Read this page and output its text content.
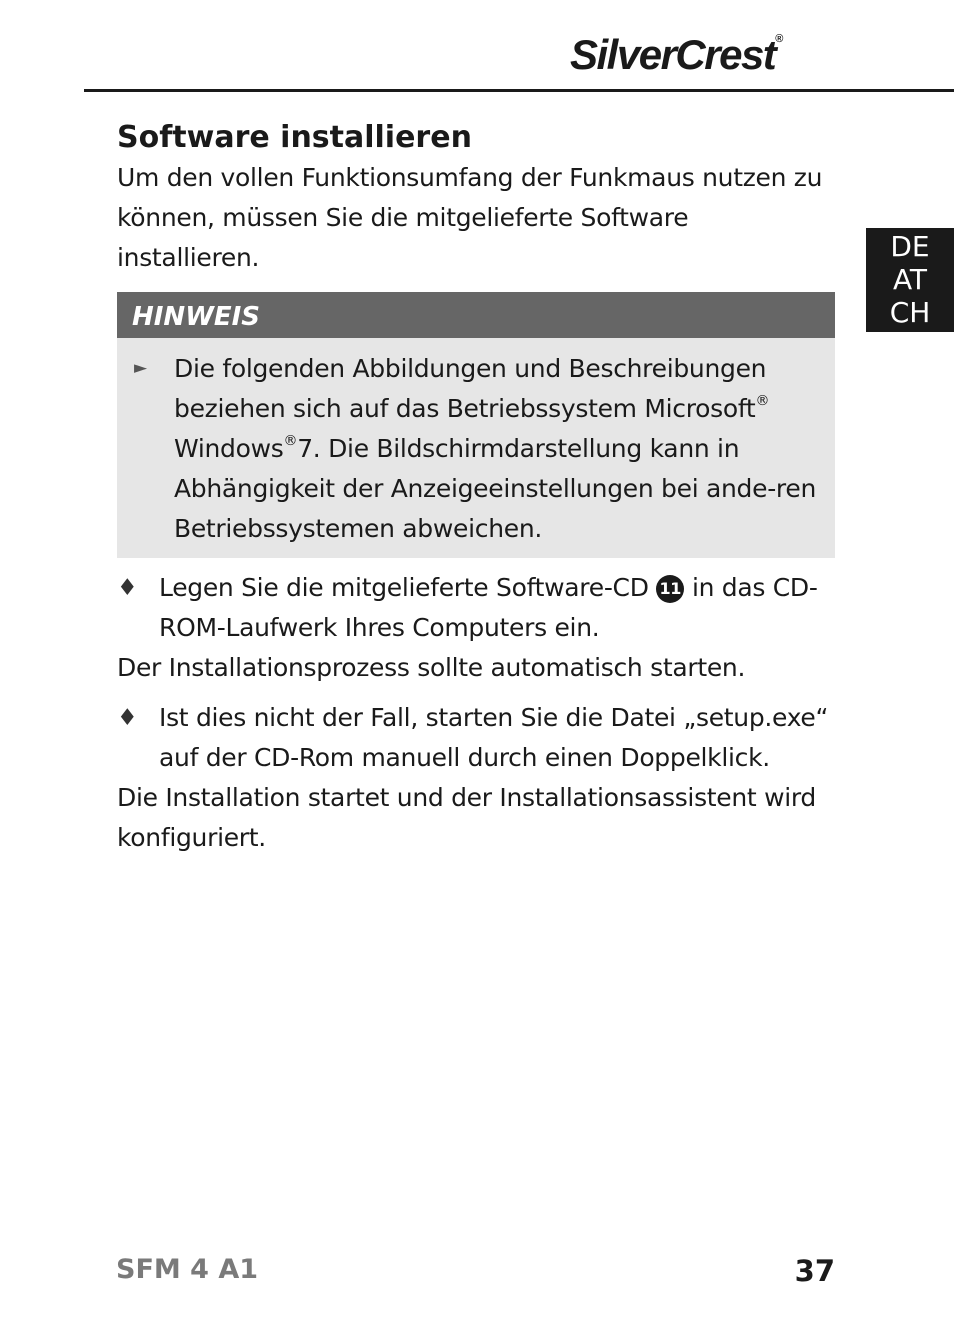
SilverCrest®
DE
AT
CH
Software installieren

Um den vollen Funktionsumfang der Funkmaus nutzen zu können, müssen Sie die mitgelieferte Software installieren.

HINWEIS
► Die folgenden Abbildungen und Beschreibungen beziehen sich auf das Betriebssystem Microsoft® Windows®7. Die Bildschirmdarstellung kann in Abhängigkeit der Anzeigeeinstellungen bei ande-ren Betriebssystemen abweichen.

♦ Legen Sie die mitgelieferte Software-CD 11 in das CD-ROM-Laufwerk Ihres Computers ein.

Der Installationsprozess sollte automatisch starten.

♦ Ist dies nicht der Fall, starten Sie die Datei „setup.exe“ auf der CD-Rom manuell durch einen Doppelklick.

Die Installation startet und der Installationsassistent wird konfiguriert.

SFM 4 A1	37
